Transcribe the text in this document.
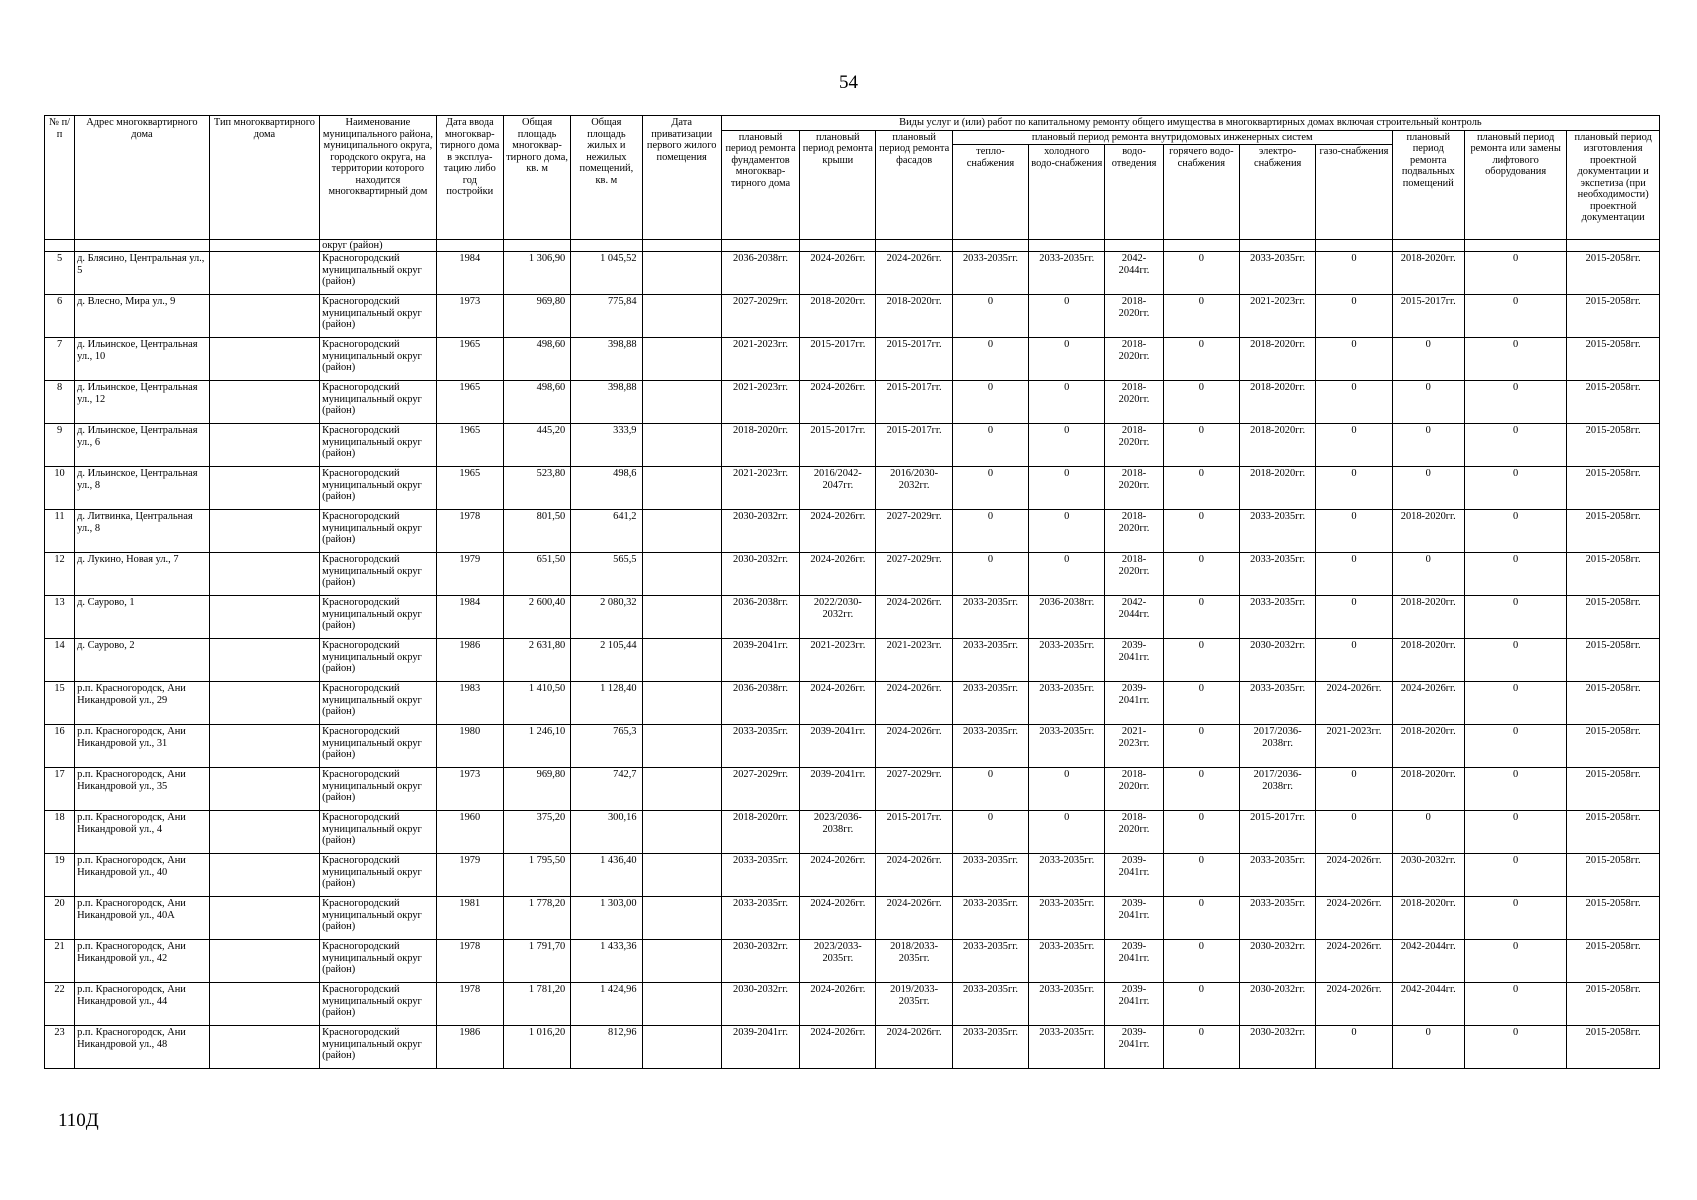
54
№ п/п	Адрес многоквартирного дома	Тип многоквартирного дома	Наименование муниципального района, муниципального округа, городского округа, на территории которого находится многоквартирный дом	Дата ввода многоквар-тирного дома в эксплуа-тацию либо год постройки	Общая площадь многоквар-тирного дома, кв. м	Общая площадь жилых и нежилых помещений, кв. м	Дата приватизации первого жилого помещения	Виды услуг и (или) работ по капитальному ремонту общего имущества в многоквартирных домах включая строительный контроль											
								плановый период ремонта фундаментов многоквар-тирного дома	плановый период ремонта крыши	плановый период ремонта фасадов	плановый период ремонта внутридомовых инженерных систем						плановый период ремонта подвальных помещений	плановый период ремонта или замены лифтового оборудования	плановый период изготовления проектной документации и экспетиза (при необходимости) проектной документации
											тепло-снабжения	холодного водо-снабжения	водо-отведения	горячего водо-снабжения	электро-снабжения	газо-снабжения			
			округ (район)																
5	д. Блясино, Центральная ул., 5		Красногородский муниципальный округ (район)	1984	1 306,90	1 045,52		2036-2038гг.	2024-2026гг.	2024-2026гг.	2033-2035гг.	2033-2035гг.	2042-2044гг.	0	2033-2035гг.	0	2018-2020гг.	0	2015-2058гг.
6	д. Влесно, Мира ул., 9		Красногородский муниципальный округ (район)	1973	969,80	775,84		2027-2029гг.	2018-2020гг.	2018-2020гг.	0	0	2018-2020гг.	0	2021-2023гг.	0	2015-2017гг.	0	2015-2058гг.
7	д. Ильинское, Центральная ул., 10		Красногородский муниципальный округ (район)	1965	498,60	398,88		2021-2023гг.	2015-2017гг.	2015-2017гг.	0	0	2018-2020гг.	0	2018-2020гг.	0	0	0	2015-2058гг.
8	д. Ильинское, Центральная ул., 12		Красногородский муниципальный округ (район)	1965	498,60	398,88		2021-2023гг.	2024-2026гг.	2015-2017гг.	0	0	2018-2020гг.	0	2018-2020гг.	0	0	0	2015-2058гг.
9	д. Ильинское, Центральная ул., 6		Красногородский муниципальный округ (район)	1965	445,20	333,9		2018-2020гг.	2015-2017гг.	2015-2017гг.	0	0	2018-2020гг.	0	2018-2020гг.	0	0	0	2015-2058гг.
10	д. Ильинское, Центральная ул., 8		Красногородский муниципальный округ (район)	1965	523,80	498,6		2021-2023гг.	2016/2042-2047гг.	2016/2030-2032гг.	0	0	2018-2020гг.	0	2018-2020гг.	0	0	0	2015-2058гг.
11	д. Литвинка, Центральная ул., 8		Красногородский муниципальный округ (район)	1978	801,50	641,2		2030-2032гг.	2024-2026гг.	2027-2029гг.	0	0	2018-2020гг.	0	2033-2035гг.	0	2018-2020гг.	0	2015-2058гг.
12	д. Лукино, Новая ул., 7		Красногородский муниципальный округ (район)	1979	651,50	565,5		2030-2032гг.	2024-2026гг.	2027-2029гг.	0	0	2018-2020гг.	0	2033-2035гг.	0	0	0	2015-2058гг.
13	д. Саурово, 1		Красногородский муниципальный округ (район)	1984	2 600,40	2 080,32		2036-2038гг.	2022/2030-2032гг.	2024-2026гг.	2033-2035гг.	2036-2038гг.	2042-2044гг.	0	2033-2035гг.	0	2018-2020гг.	0	2015-2058гг.
14	д. Саурово, 2		Красногородский муниципальный округ (район)	1986	2 631,80	2 105,44		2039-2041гг.	2021-2023гг.	2021-2023гг.	2033-2035гг.	2033-2035гг.	2039-2041гг.	0	2030-2032гг.	0	2018-2020гг.	0	2015-2058гг.
15	р.п. Красногородск, Ани Никандровой ул., 29		Красногородский муниципальный округ (район)	1983	1 410,50	1 128,40		2036-2038гг.	2024-2026гг.	2024-2026гг.	2033-2035гг.	2033-2035гг.	2039-2041гг.	0	2033-2035гг.	2024-2026гг.	2024-2026гг.	0	2015-2058гг.
16	р.п. Красногородск, Ани Никандровой ул., 31		Красногородский муниципальный округ (район)	1980	1 246,10	765,3		2033-2035гг.	2039-2041гг.	2024-2026гг.	2033-2035гг.	2033-2035гг.	2021-2023гг.	0	2017/2036-2038гг.	2021-2023гг.	2018-2020гг.	0	2015-2058гг.
17	р.п. Красногородск, Ани Никандровой ул., 35		Красногородский муниципальный округ (район)	1973	969,80	742,7		2027-2029гг.	2039-2041гг.	2027-2029гг.	0	0	2018-2020гг.	0	2017/2036-2038гг.	0	2018-2020гг.	0	2015-2058гг.
18	р.п. Красногородск, Ани Никандровой ул., 4		Красногородский муниципальный округ (район)	1960	375,20	300,16		2018-2020гг.	2023/2036-2038гг.	2015-2017гг.	0	0	2018-2020гг.	0	2015-2017гг.	0	0	0	2015-2058гг.
19	р.п. Красногородск, Ани Никандровой ул., 40		Красногородский муниципальный округ (район)	1979	1 795,50	1 436,40		2033-2035гг.	2024-2026гг.	2024-2026гг.	2033-2035гг.	2033-2035гг.	2039-2041гг.	0	2033-2035гг.	2024-2026гг.	2030-2032гг.	0	2015-2058гг.
20	р.п. Красногородск, Ани Никандровой ул., 40А		Красногородский муниципальный округ (район)	1981	1 778,20	1 303,00		2033-2035гг.	2024-2026гг.	2024-2026гг.	2033-2035гг.	2033-2035гг.	2039-2041гг.	0	2033-2035гг.	2024-2026гг.	2018-2020гг.	0	2015-2058гг.
21	р.п. Красногородск, Ани Никандровой ул., 42		Красногородский муниципальный округ (район)	1978	1 791,70	1 433,36		2030-2032гг.	2023/2033-2035гг.	2018/2033-2035гг.	2033-2035гг.	2033-2035гг.	2039-2041гг.	0	2030-2032гг.	2024-2026гг.	2042-2044гг.	0	2015-2058гг.
22	р.п. Красногородск, Ани Никандровой ул., 44		Красногородский муниципальный округ (район)	1978	1 781,20	1 424,96		2030-2032гг.	2024-2026гг.	2019/2033-2035гг.	2033-2035гг.	2033-2035гг.	2039-2041гг.	0	2030-2032гг.	2024-2026гг.	2042-2044гг.	0	2015-2058гг.
23	р.п. Красногородск, Ани Никандровой ул., 48		Красногородский муниципальный округ (район)	1986	1 016,20	812,96		2039-2041гг.	2024-2026гг.	2024-2026гг.	2033-2035гг.	2033-2035гг.	2039-2041гг.	0	2030-2032гг.	0	0	0	2015-2058гг.
110Д
